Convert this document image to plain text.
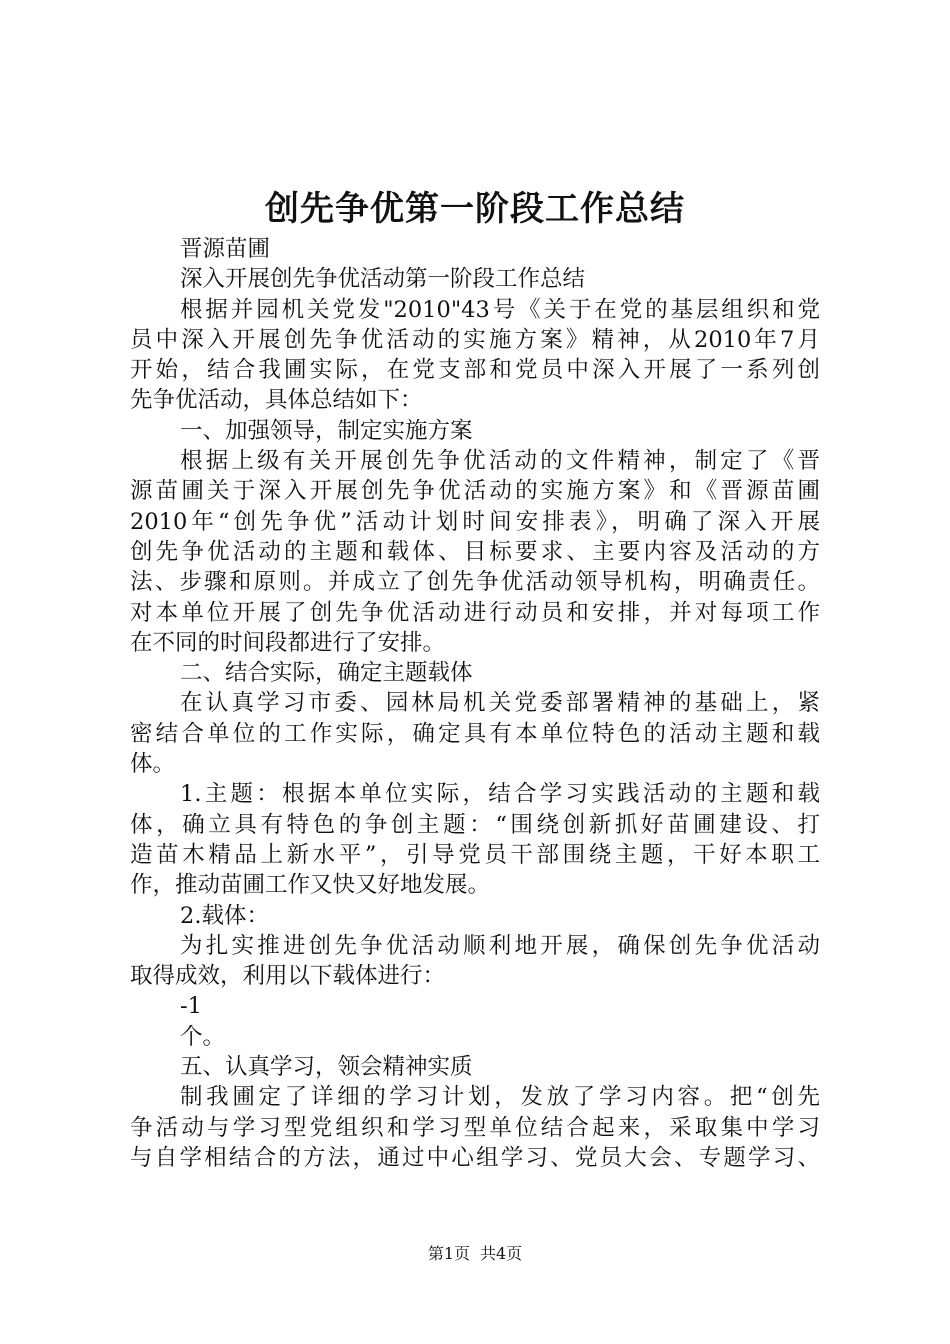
创先争优第一阶段工作总结
晋源苗圃
深入开展创先争优活动第一阶段工作总结
根据并园机关党发"2010"43号《关于在党的基层组织和党
员中深入开展创先争优活动的实施方案》精神，从2010年7月
开始，结合我圃实际，在党支部和党员中深入开展了一系列创
先争优活动，具体总结如下：
一、加强领导，制定实施方案
根据上级有关开展创先争优活动的文件精神，制定了《晋
源苗圃关于深入开展创先争优活动的实施方案》和《晋源苗圃
2010年“创先争优”活动计划时间安排表》，明确了深入开展
创先争优活动的主题和载体、目标要求、主要内容及活动的方
法、步骤和原则。并成立了创先争优活动领导机构，明确责任。
对本单位开展了创先争优活动进行动员和安排，并对每项工作
在不同的时间段都进行了安排。
二、结合实际，确定主题载体
在认真学习市委、园林局机关党委部署精神的基础上，紧
密结合单位的工作实际，确定具有本单位特色的活动主题和载
体。
1.主题：根据本单位实际，结合学习实践活动的主题和载
体，确立具有特色的争创主题：“围绕创新抓好苗圃建设、打
造苗木精品上新水平”，引导党员干部围绕主题，干好本职工
作，推动苗圃工作又快又好地发展。
2.载体：
为扎实推进创先争优活动顺利地开展，确保创先争优活动
取得成效，利用以下载体进行：
-1
个。
五、认真学习，领会精神实质
制我圃定了详细的学习计划，发放了学习内容。把“创先
争活动与学习型党组织和学习型单位结合起来，采取集中学习
与自学相结合的方法，通过中心组学习、党员大会、专题学习、
第1页 共4页
